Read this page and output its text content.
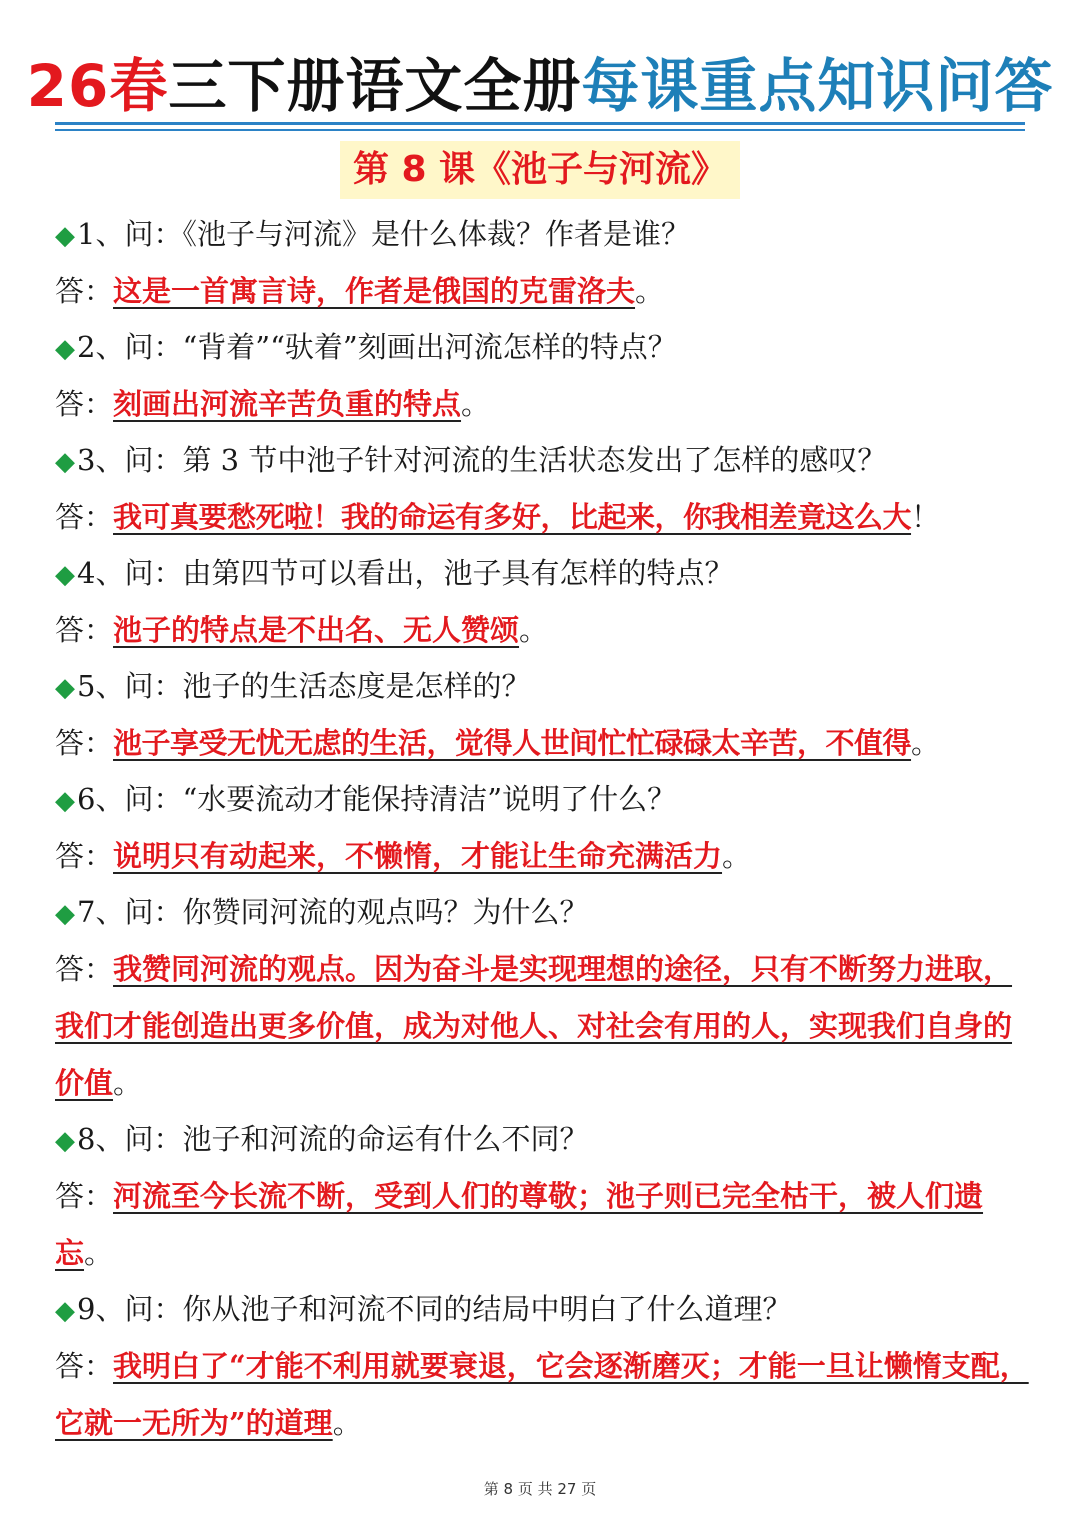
26春三下册语文全册每课重点知识问答
第 8 课《池子与河流》
◆1、问：《池子与河流》是什么体裁？作者是谁？
答：这是一首寓言诗，作者是俄国的克雷洛夫。
◆2、问：“背着”“驮着”刻画出河流怎样的特点？
答：刻画出河流辛苦负重的特点。
◆3、问：第 3 节中池子针对河流的生活状态发出了怎样的感叹？
答：我可真要愁死啦！我的命运有多好，比起来，你我相差竟这么大！
◆4、问：由第四节可以看出，池子具有怎样的特点？
答：池子的特点是不出名、无人赞颂。
◆5、问：池子的生活态度是怎样的？
答：池子享受无忧无虑的生活，觉得人世间忙忙碌碌太辛苦，不值得。
◆6、问：“水要流动才能保持清洁”说明了什么？
答：说明只有动起来，不懒惰，才能让生命充满活力。
◆7、问：你赞同河流的观点吗？为什么？
答：我赞同河流的观点。因为奋斗是实现理想的途径，只有不断努力进取，我们才能创造出更多价值，成为对他人、对社会有用的人，实现我们自身的价值。
◆8、问：池子和河流的命运有什么不同？
答：河流至今长流不断，受到人们的尊敬；池子则已完全枯干，被人们遗忘。
◆9、问：你从池子和河流不同的结局中明白了什么道理？
答：我明白了“才能不利用就要衰退，它会逐渐磨灭；才能一旦让懒惰支配，它就一无所为”的道理。
第 8 页 共 27 页
